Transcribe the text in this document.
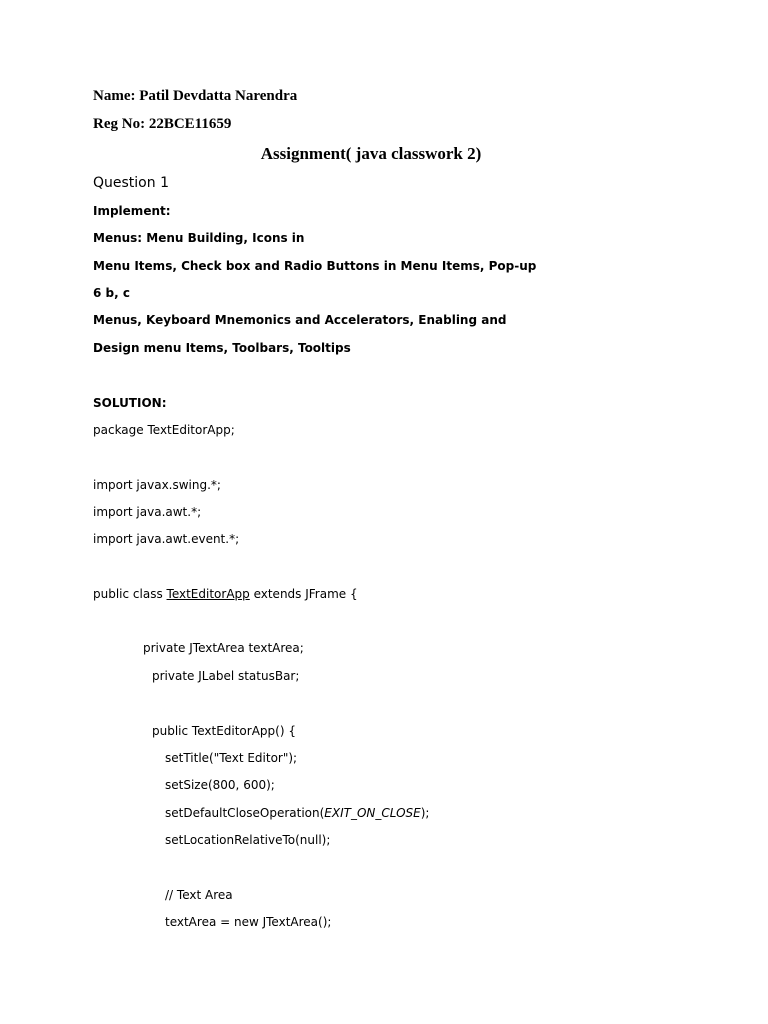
Name: Patil Devdatta Narendra
Reg No: 22BCE11659
Assignment( java classwork 2)
Question 1
Implement:
Menus: Menu Building, Icons in
Menu Items, Check box and Radio Buttons in Menu Items, Pop-up
6 b, c
Menus, Keyboard Mnemonics and Accelerators, Enabling and
Design menu Items, Toolbars, Tooltips
SOLUTION:
package TextEditorApp;
import javax.swing.*;
import java.awt.*;
import java.awt.event.*;
public class TextEditorApp extends JFrame {
private JTextArea textArea;
private JLabel statusBar;
public TextEditorApp() {
setTitle("Text Editor");
setSize(800, 600);
setDefaultCloseOperation(EXIT_ON_CLOSE);
setLocationRelativeTo(null);
// Text Area
textArea = new JTextArea();
